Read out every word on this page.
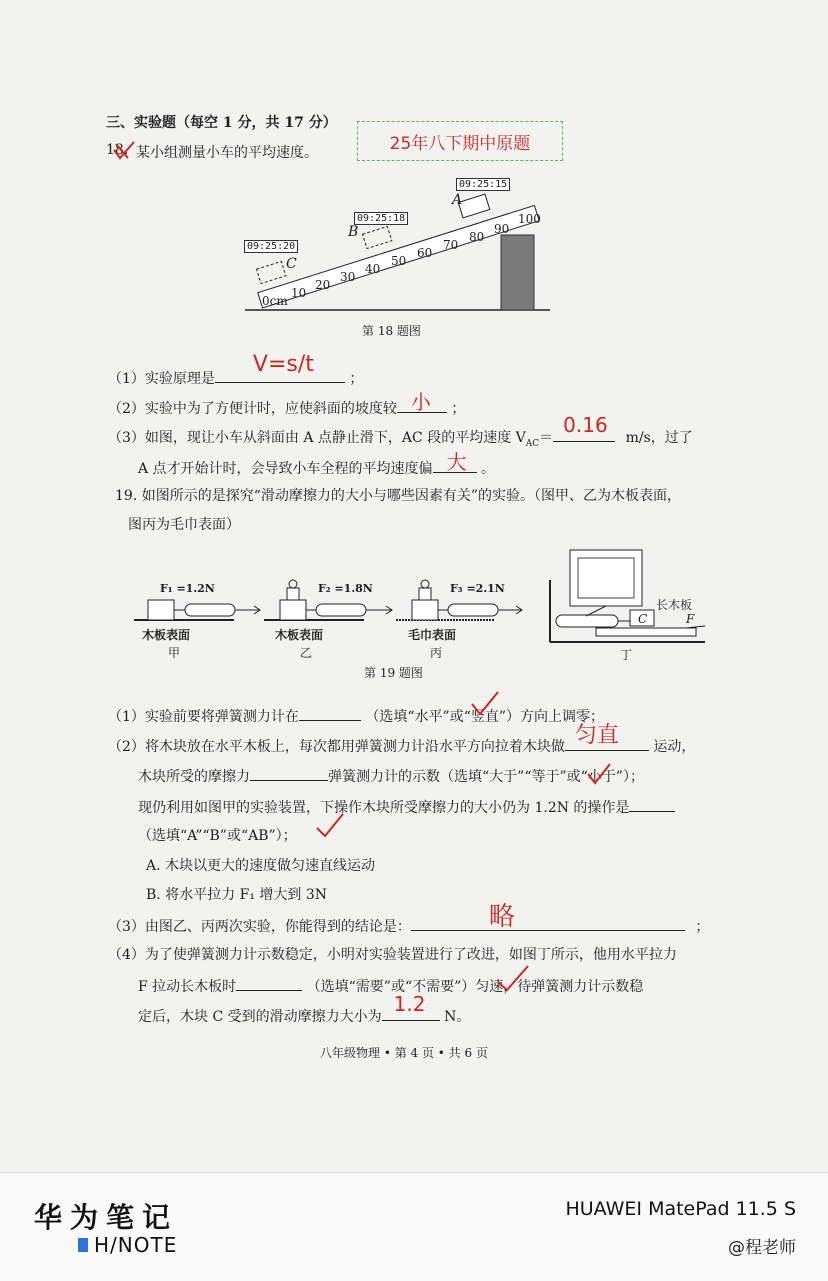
三、实验题（每空 1 分，共 17 分）
25年八下期中原题
18. 某小组测量小车的平均速度。
09:25:15
09:25:18
09:25:20
A
B
C
0cm
10
20
30
40
50
60
70
80
90
100
第 18 题图
（1）实验原理是
V=s/t
；
（2）实验中为了方便计时，应使斜面的坡度较 小 ；
（3）如图，现让小车从斜面由 A 点静止滑下，AC 段的平均速度 $V_{AC}=$
0.16
m/s，过了
A 点才开始计时，会导致小车全程的平均速度偏 大 。
19. 如图所示的是探究“滑动摩擦力的大小与哪些因素有关”的实验。（图甲、乙为木板表面，
图丙为毛巾表面）
F₁ =1.2N	F₂ =1.8N	F₃ =2.1N
木板表面	木板表面	毛巾表面
甲	乙	丙	丁
长木板
C	F
第 19 题图
（1）实验前要将弹簧测力计在	（选填“水平”或“竖直”）方向上调零；
（2）将木块放在水平木板上，每次都用弹簧测力计沿水平方向拉着木块做 匀直 运动，
木块所受的摩擦力	弹簧测力计的示数（选填“大于”“等于”或“小于”）；
现仍利用如图甲的实验装置，下操作木块所受摩擦力的大小仍为 1.2N 的操作是
（选填“A”“B”或“AB”）；
A. 木块以更大的速度做匀速直线运动
B. 将水平拉力 F₁ 增大到 3N
（3）由图乙、丙两次实验，你能得到的结论是：	略	；
（4）为了使弹簧测力计示数稳定，小明对实验装置进行了改进，如图丁所示，他用水平拉力
F 拉动长木板时	（选填“需要”或“不需要”）匀速，待弹簧测力计示数稳
定后，木块 C 受到的滑动摩擦力大小为
1.2
N。
八年级物理 • 第 4 页 • 共 6 页
华为笔记
H/NOTE
HUAWEI MatePad 11.5 S
@程老师
